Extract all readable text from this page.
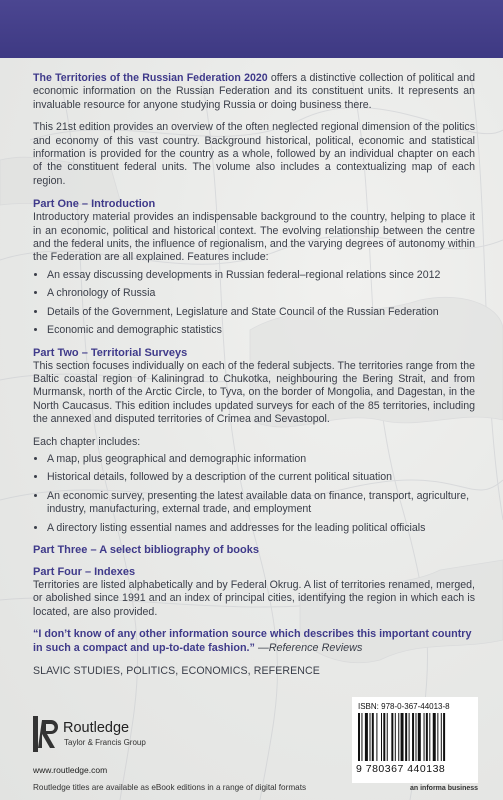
The Territories of the Russian Federation 2020 offers a distinctive collection of political and economic information on the Russian Federation and its constituent units. It represents an invaluable resource for anyone studying Russia or doing business there.

This 21st edition provides an overview of the often neglected regional dimension of the politics and economy of this vast country. Background historical, political, economic and statistical information is provided for the country as a whole, followed by an individual chapter on each of the constituent federal units. The volume also includes a contextualizing map of each region.

Part One – Introduction

Introductory material provides an indispensable background to the country, helping to place it in an economic, political and historical context. The evolving relationship between the centre and the federal units, the influence of regionalism, and the varying degrees of autonomy within the Federation are all explained. Features include:

• An essay discussing developments in Russian federal–regional relations since 2012
• A chronology of Russia
• Details of the Government, Legislature and State Council of the Russian Federation
• Economic and demographic statistics
Part Two – Territorial Surveys

This section focuses individually on each of the federal subjects. The territories range from the Baltic coastal region of Kaliningrad to Chukotka, neighbouring the Bering Strait, and from Murmansk, north of the Arctic Circle, to Tyva, on the border of Mongolia, and Dagestan, in the North Caucasus. This edition includes updated surveys for each of the 85 territories, including the annexed and disputed territories of Crimea and Sevastopol.

Each chapter includes:

• A map, plus geographical and demographic information
• Historical details, followed by a description of the current political situation
• An economic survey, presenting the latest available data on finance, transport, agriculture, industry, manufacturing, external trade, and employment
• A directory listing essential names and addresses for the leading political officials
Part Three – A select bibliography of books
Part Four – Indexes

Territories are listed alphabetically and by Federal Okrug. A list of territories renamed, merged, or abolished since 1991 and an index of principal cities, identifying the region in which each is located, are also provided.

“I don’t know of any other information source which describes this important country in such a compact and up-to-date fashion.” —Reference Reviews
SLAVIC STUDIES, POLITICS, ECONOMICS, REFERENCE
Routledge
Taylor & Francis Group
www.routledge.com
Routledge titles are available as eBook editions in a range of digital formats
ISBN: 978-0-367-44013-8
9 780367 440138
an informa business
